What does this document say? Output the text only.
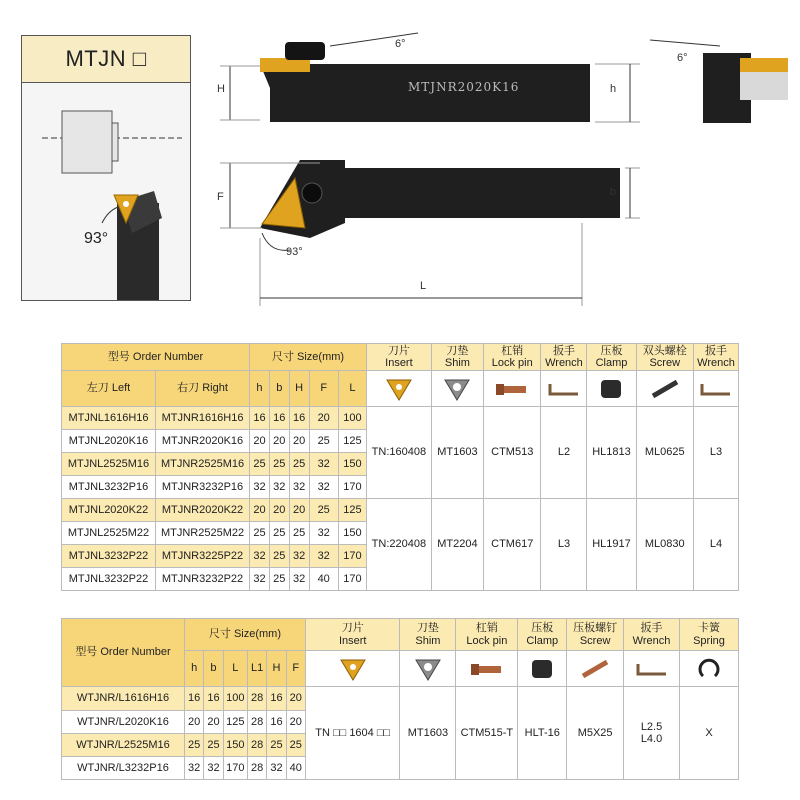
MTJN □
93°
MTJNR2020K16
6°
6°
93°
H	h
F	b
L
型号 Order Number		尺寸 Size(mm)					刀片
Insert	刀垫
Shim	杠销
Lock pin	扳手
Wrench	压板
Clamp	双头螺栓
Screw	扳手
Wrench
左刀 Left	右刀 Right	h	b	H	F	L	

MTJNL1616H16	MTJNR1616H16	16	16	16	20	100	TN:160408	MT1603	CTM513	L2	HL1813	ML0625	L3
MTJNL2020K16	MTJNR2020K16	20	20	20	25	125							
MTJNL2525M16	MTJNR2525M16	25	25	25	32	150							
MTJNL3232P16	MTJNR3232P16	32	32	32	32	170							
MTJNL2020K22	MTJNR2020K22	20	20	20	25	125	TN:220408	MT2204	CTM617	L3	HL1917	ML0830	L4
MTJNL2525M22	MTJNR2525M22	25	25	25	32	150							
MTJNL3232P22	MTJNR3225P22	32	25	32	32	170							
MTJNL3232P22	MTJNR3232P22	32	25	32	40	170							
型号 Order Number	尺寸 Size(mm)						刀片
Insert	刀垫
Shim	杠销
Lock pin	压板
Clamp	压板螺钉
Screw	扳手
Wrench	卡簧
Spring
	h	b	L	L1	H	F	

WTJNR/L1616H16	16	16	100	28	16	20	TN □□ 1604 □□	MT1603	CTM515-T	HLT-16	M5X25	L2.5
L4.0	X
WTJNR/L2020K16	20	20	125	28	16	20							
WTJNR/L2525M16	25	25	150	28	25	25							
WTJNR/L3232P16	32	32	170	28	32	40							
